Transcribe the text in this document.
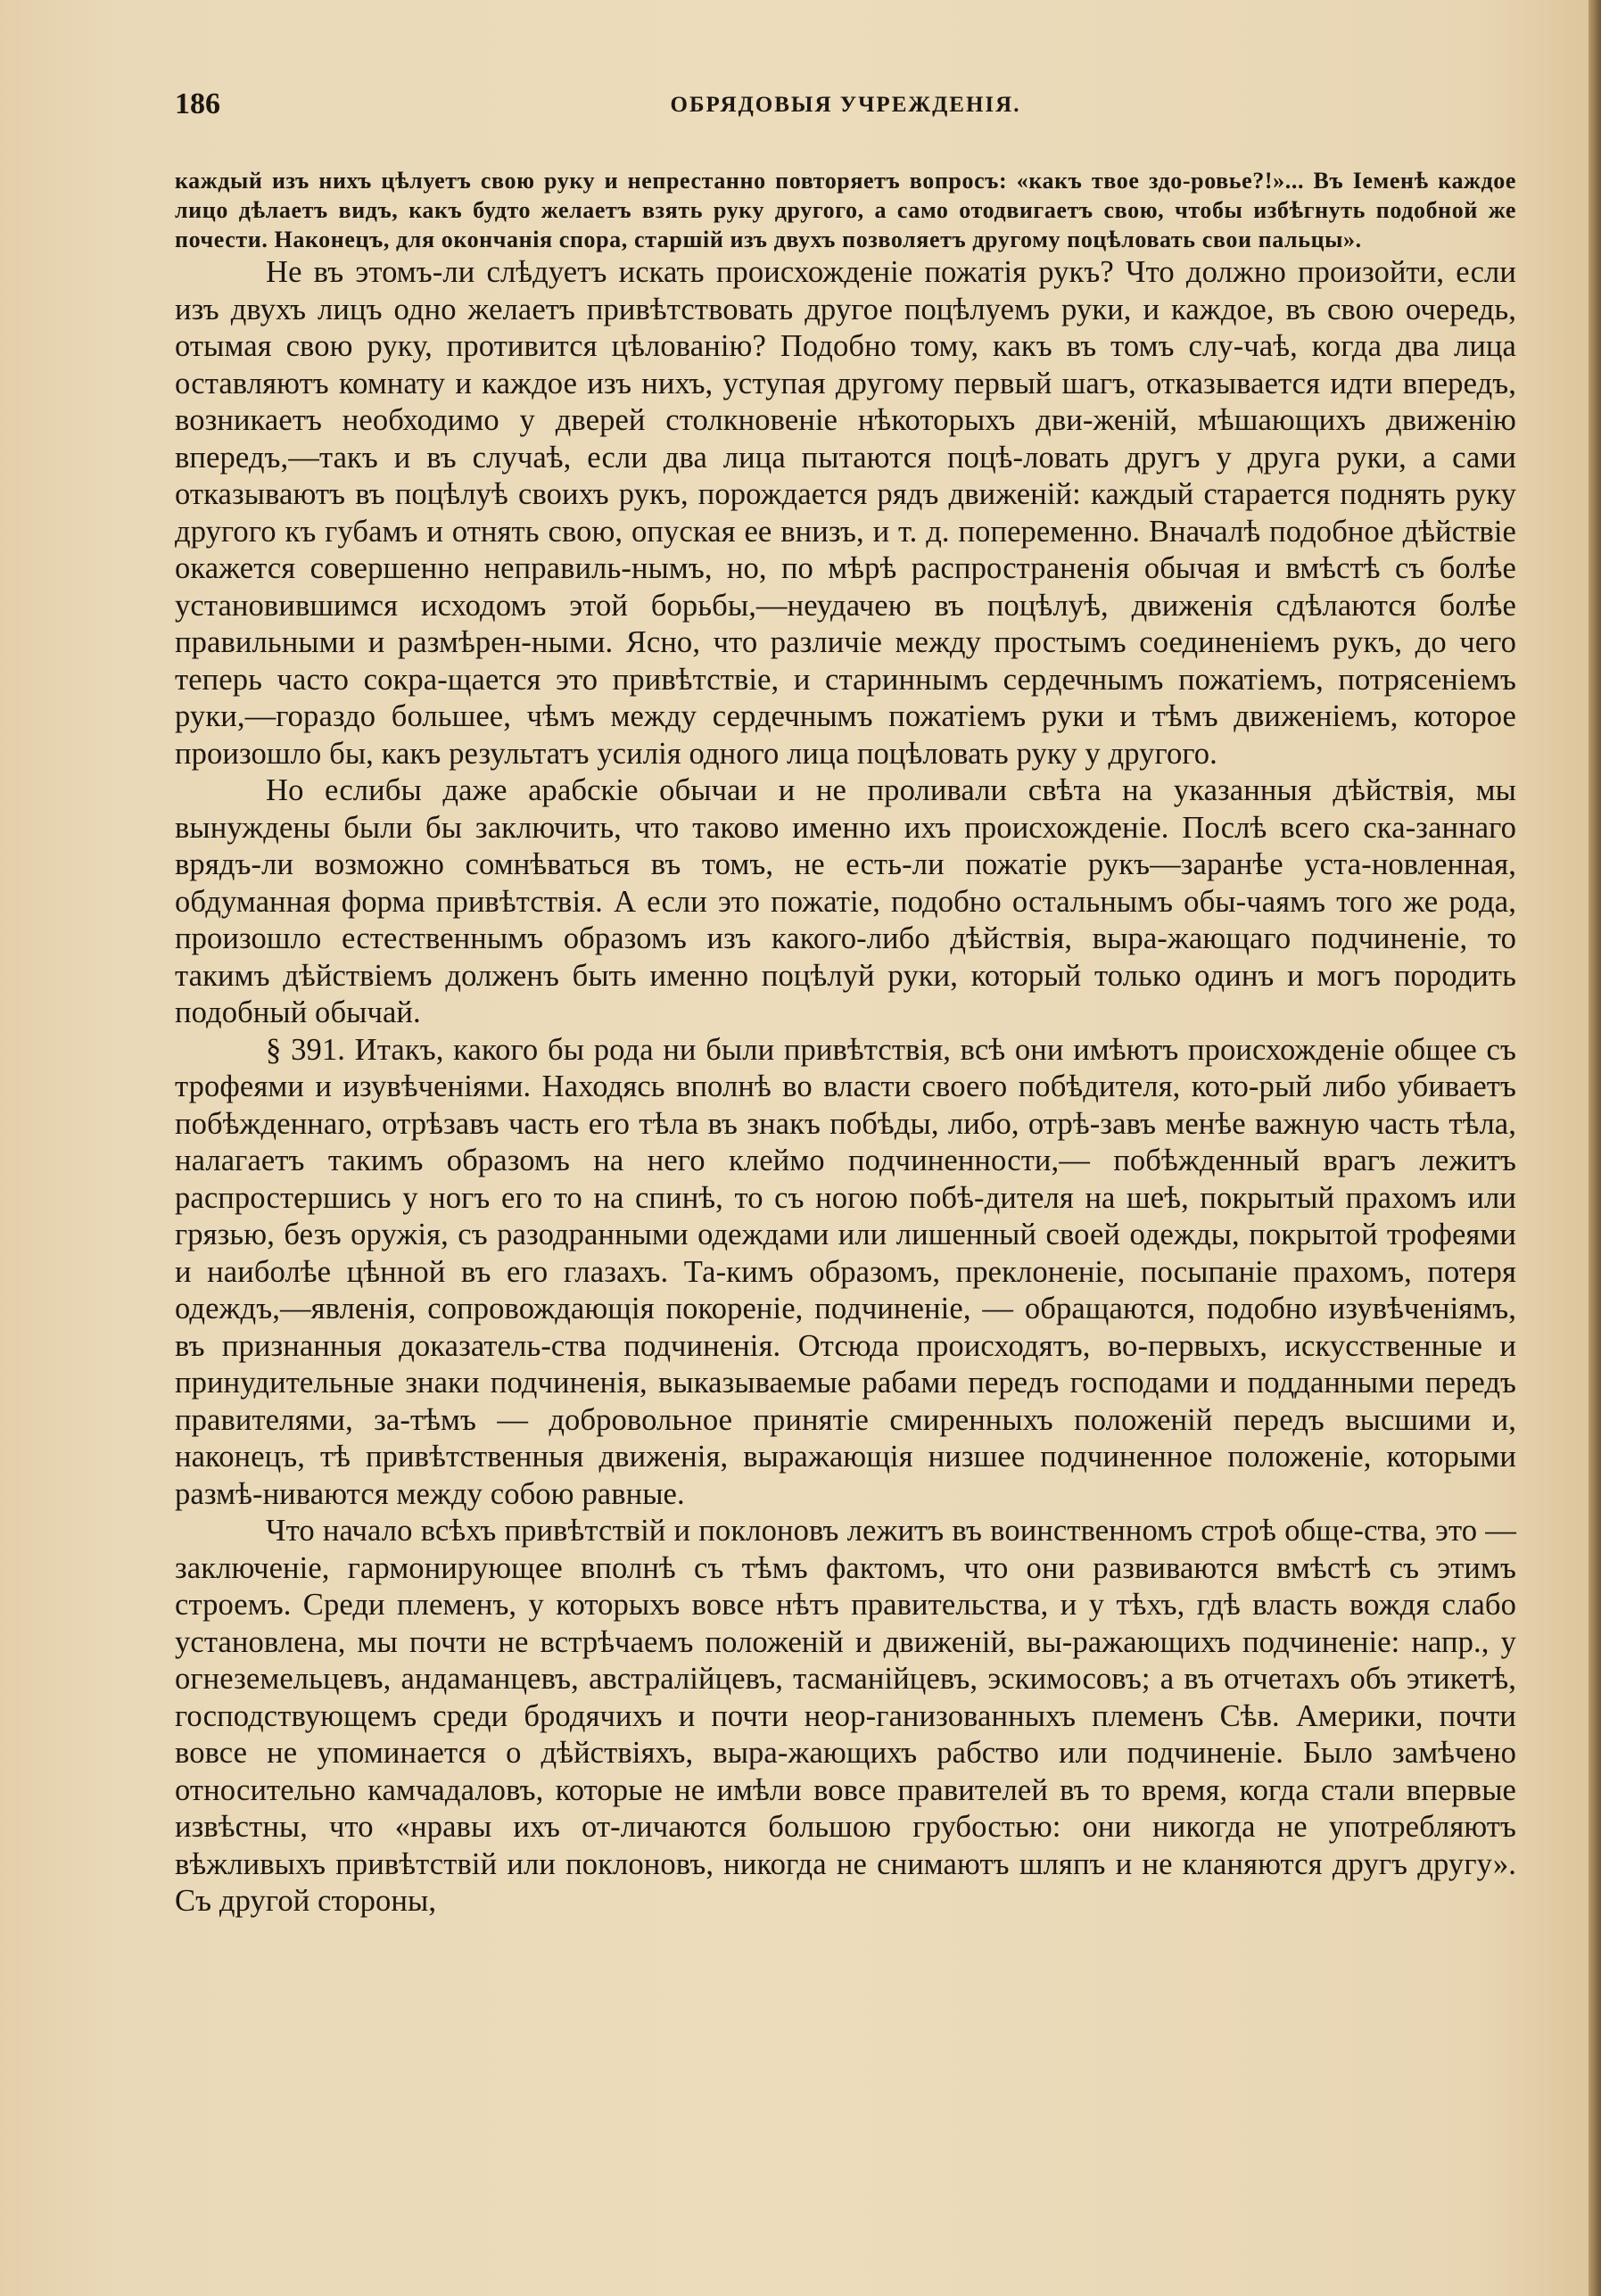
186	ОБРЯДОВЫЯ УЧРЕЖДЕНІЯ.
каждый изъ нихъ цѣлуетъ свою руку и непрестанно повторяетъ вопросъ: «какъ твое здо-ровье?!»... Въ Іеменѣ каждое лицо дѣлаетъ видъ, какъ будто желаетъ взять руку другого, а само отодвигаетъ свою, чтобы избѣгнуть подобной же почести. Наконецъ, для окончанія спора, старшій изъ двухъ позволяетъ другому поцѣловать свои пальцы».

Не въ этомъ-ли слѣдуетъ искать происхожденіе пожатія рукъ? Что должно произойти, если изъ двухъ лицъ одно желаетъ привѣтствовать другое поцѣлуемъ руки, и каждое, въ свою очередь, отымая свою руку, противится цѣлованію? Подобно тому, какъ въ томъ слу-чаѣ, когда два лица оставляютъ комнату и каждое изъ нихъ, уступая другому первый шагъ, отказывается идти впередъ, возникаетъ необходимо у дверей столкновеніе нѣкоторыхъ дви-женій, мѣшающихъ движенію впередъ,—такъ и въ случаѣ, если два лица пытаются поцѣ-ловать другъ у друга руки, а сами отказываютъ въ поцѣлуѣ своихъ рукъ, порождается рядъ движеній: каждый старается поднять руку другого къ губамъ и отнять свою, опуская ее внизъ, и т. д. попеременно. Вначалѣ подобное дѣйствіе окажется совершенно неправиль-нымъ, но, по мѣрѣ распространенія обычая и вмѣстѣ съ болѣе установившимся исходомъ этой борьбы,—неудачею въ поцѣлуѣ, движенія сдѣлаются болѣе правильными и размѣрен-ными. Ясно, что различіе между простымъ соединеніемъ рукъ, до чего теперь часто сокра-щается это привѣтствіе, и стариннымъ сердечнымъ пожатіемъ, потрясеніемъ руки,—гораздо большее, чѣмъ между сердечнымъ пожатіемъ руки и тѣмъ движеніемъ, которое произошло бы, какъ результатъ усилія одного лица поцѣловать руку у другого.

Но еслибы даже арабскіе обычаи и не проливали свѣта на указанныя дѣйствія, мы вынуждены были бы заключить, что таково именно ихъ происхожденіе. Послѣ всего ска-заннаго врядъ-ли возможно сомнѣваться въ томъ, не есть-ли пожатіе рукъ—заранѣе уста-новленная, обдуманная форма привѣтствія. А если это пожатіе, подобно остальнымъ обы-чаямъ того же рода, произошло естественнымъ образомъ изъ какого-либо дѣйствія, выра-жающаго подчиненіе, то такимъ дѣйствіемъ долженъ быть именно поцѣлуй руки, который только одинъ и могъ породить подобный обычай.

§ 391. Итакъ, какого бы рода ни были привѣтствія, всѣ они имѣютъ происхожденіе общее съ трофеями и изувѣченіями. Находясь вполнѣ во власти своего побѣдителя, кото-рый либо убиваетъ побѣжденнаго, отрѣзавъ часть его тѣла въ знакъ побѣды, либо, отрѣ-завъ менѣе важную часть тѣла, налагаетъ такимъ образомъ на него клеймо подчиненности,— побѣжденный врагъ лежитъ распростершись у ногъ его то на спинѣ, то съ ногою побѣ-дителя на шеѣ, покрытый прахомъ или грязью, безъ оружія, съ разодранными одеждами или лишенный своей одежды, покрытой трофеями и наиболѣе цѣнной въ его глазахъ. Та-кимъ образомъ, преклоненіе, посыпаніе прахомъ, потеря одеждъ,—явленія, сопровождающія покореніе, подчиненіе, — обращаются, подобно изувѣченіямъ, въ признанныя доказатель-ства подчиненія. Отсюда происходятъ, во-первыхъ, искусственные и принудительные знаки подчиненія, выказываемые рабами передъ господами и подданными передъ правителями, за-тѣмъ — добровольное принятіе смиренныхъ положеній передъ высшими и, наконецъ, тѣ привѣтственныя движенія, выражающія низшее подчиненное положеніе, которыми размѣ-ниваются между собою равные.

Что начало всѣхъ привѣтствій и поклоновъ лежитъ въ воинственномъ строѣ обще-ства, это — заключеніе, гармонирующее вполнѣ съ тѣмъ фактомъ, что они развиваются вмѣстѣ съ этимъ строемъ. Среди племенъ, у которыхъ вовсе нѣтъ правительства, и у тѣхъ, гдѣ власть вождя слабо установлена, мы почти не встрѣчаемъ положеній и движеній, вы-ражающихъ подчиненіе: напр., у огнеземельцевъ, андаманцевъ, австралійцевъ, тасманійцевъ, эскимосовъ; а въ отчетахъ объ этикетѣ, господствующемъ среди бродячихъ и почти неор-ганизованныхъ племенъ Сѣв. Америки, почти вовсе не упоминается о дѣйствіяхъ, выра-жающихъ рабство или подчиненіе. Было замѣчено относительно камчадаловъ, которые не имѣли вовсе правителей въ то время, когда стали впервые извѣстны, что «нравы ихъ от-личаются большою грубостью: они никогда не употребляютъ вѣжливыхъ привѣтствій или поклоновъ, никогда не снимаютъ шляпъ и не кланяются другъ другу». Съ другой стороны,
